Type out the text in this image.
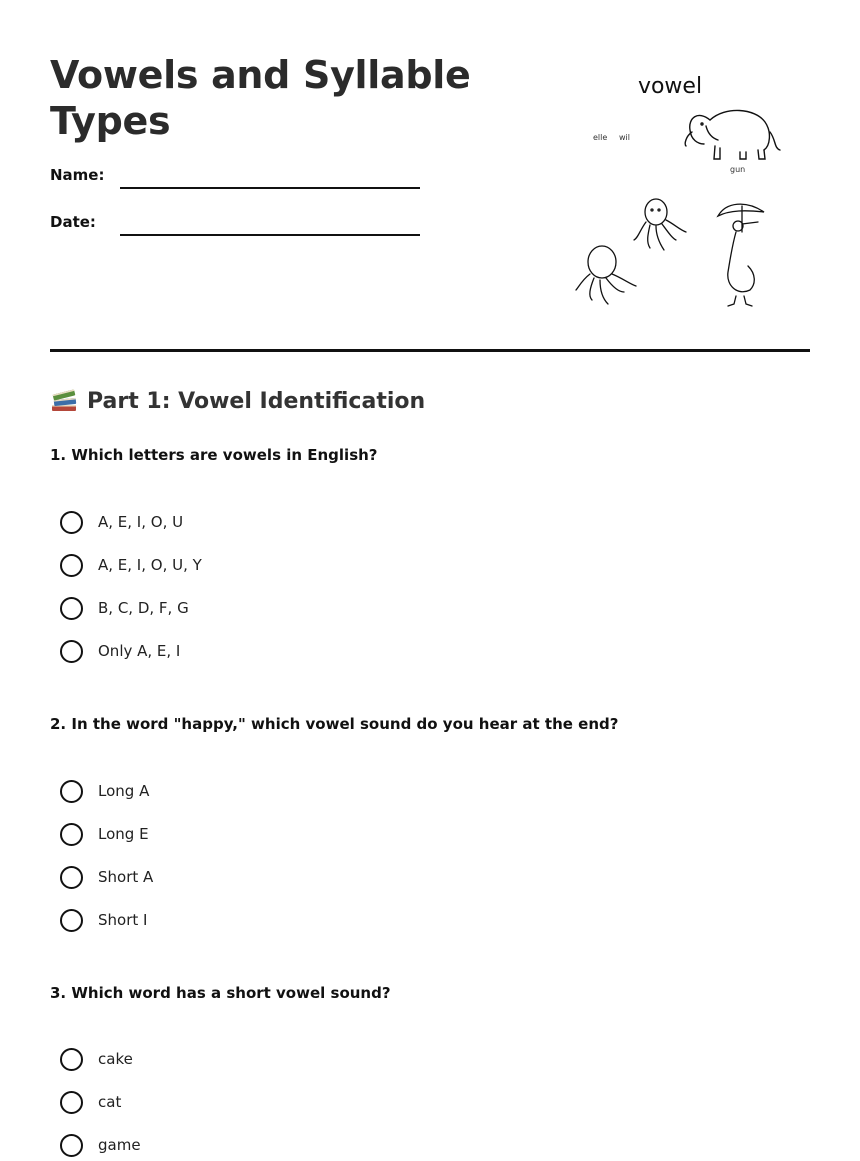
Vowels and Syllable Types
Name:
Date:
vowel
elle wil
gun
Part 1: Vowel Identification

1. Which letters are vowels in English?

A, E, I, O, U
A, E, I, O, U, Y
B, C, D, F, G
Only A, E, I

2. In the word "happy," which vowel sound do you hear at the end?

Long A
Long E
Short A
Short I

3. Which word has a short vowel sound?

cake
cat
game
